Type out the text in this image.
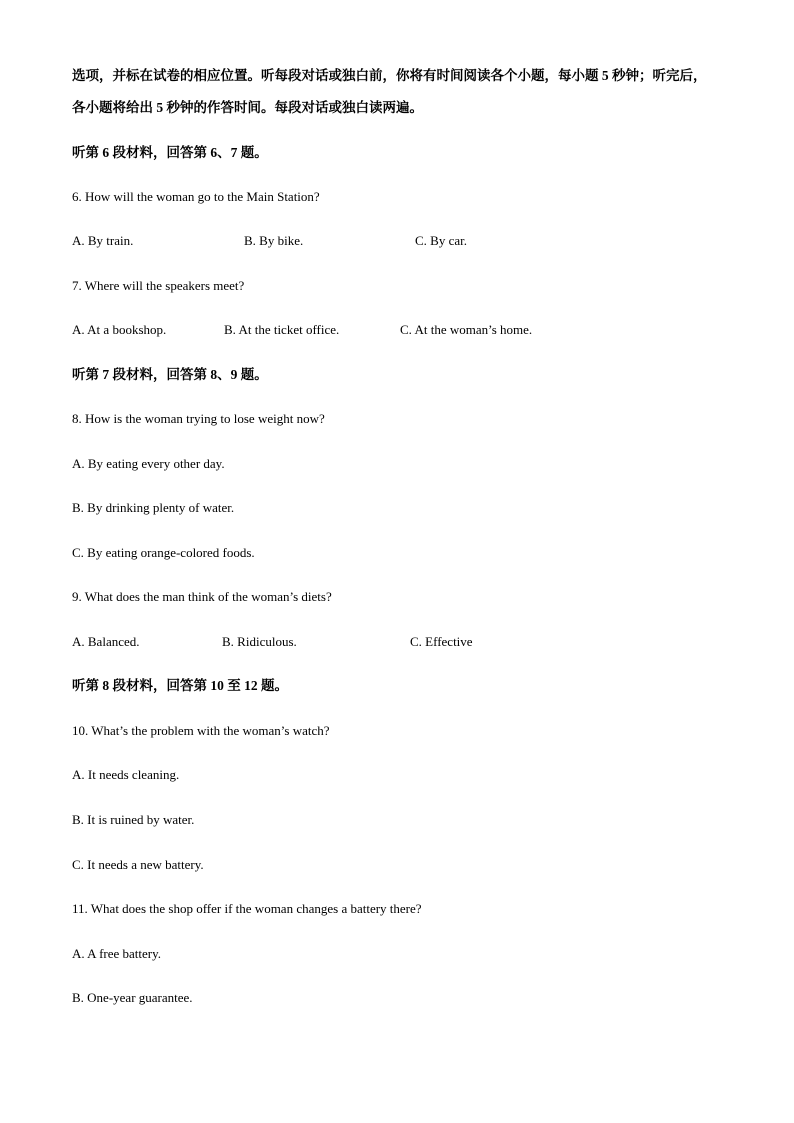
选项，并标在试卷的相应位置。听每段对话或独白前，你将有时间阅读各个小题，每小题 5 秒钟；听完后，
各小题将给出 5 秒钟的作答时间。每段对话或独白读两遍。
听第 6 段材料，回答第 6、7 题。
6. How will the woman go to the Main Station?
A. By train.	B. By bike.	C. By car.
7. Where will the speakers meet?
A. At a bookshop.	B. At the ticket office.	C. At the woman’s home.
听第 7 段材料，回答第 8、9 题。
8. How is the woman trying to lose weight now?
A. By eating every other day.
B. By drinking plenty of water.
C. By eating orange-colored foods.
9. What does the man think of the woman’s diets?
A. Balanced.	B. Ridiculous.	C. Effective
听第 8 段材料，回答第 10 至 12 题。
10. What’s the problem with the woman’s watch?
A. It needs cleaning.
B. It is ruined by water.
C. It needs a new battery.
11. What does the shop offer if the woman changes a battery there?
A. A free battery.
B. One-year guarantee.
